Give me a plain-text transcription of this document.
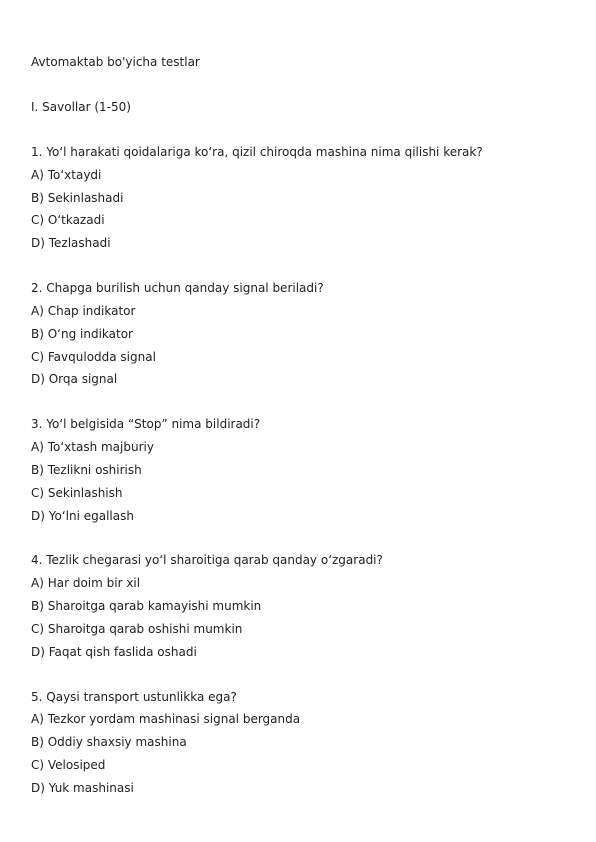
Avtomaktab bo'yicha testlar
I. Savollar (1-50)
1. Yo‘l harakati qoidalariga ko‘ra, qizil chiroqda mashina nima qilishi kerak?
A) To‘xtaydi
B) Sekinlashadi
C) O‘tkazadi
D) Tezlashadi
2. Chapga burilish uchun qanday signal beriladi?
A) Chap indikator
B) O‘ng indikator
C) Favqulodda signal
D) Orqa signal
3. Yo‘l belgisida “Stop” nima bildiradi?
A) To‘xtash majburiy
B) Tezlikni oshirish
C) Sekinlashish
D) Yo‘lni egallash
4. Tezlik chegarasi yo‘l sharoitiga qarab qanday o‘zgaradi?
A) Har doim bir xil
B) Sharoitga qarab kamayishi mumkin
C) Sharoitga qarab oshishi mumkin
D) Faqat qish faslida oshadi
5. Qaysi transport ustunlikka ega?
A) Tezkor yordam mashinasi signal berganda
B) Oddiy shaxsiy mashina
C) Velosiped
D) Yuk mashinasi
